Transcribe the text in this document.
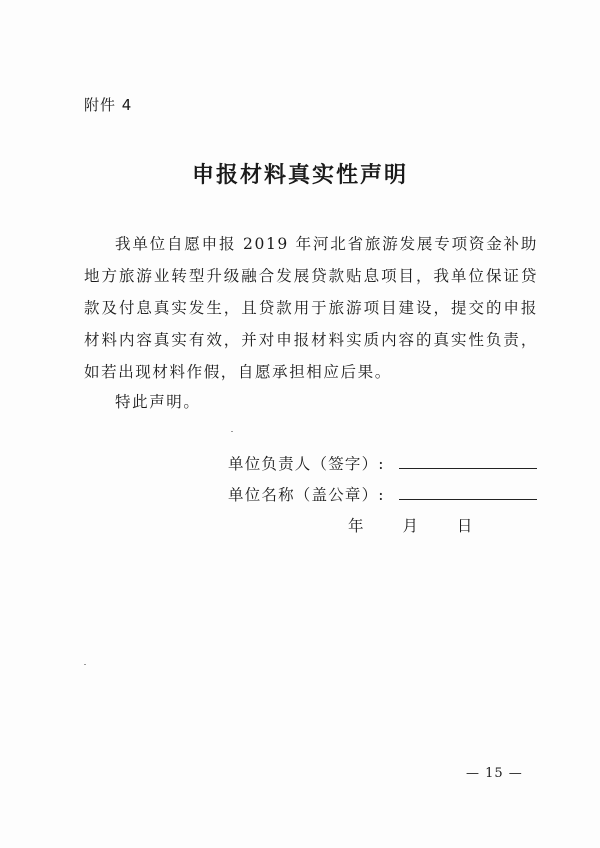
附件 4
申报材料真实性声明
我单位自愿申报 2019 年河北省旅游发展专项资金补助地方旅游业转型升级融合发展贷款贴息项目，我单位保证贷款及付息真实发生，且贷款用于旅游项目建设，提交的申报材料内容真实有效，并对申报材料实质内容的真实性负责，如若出现材料作假，自愿承担相应后果。
特此声明。
单位负责人（签字）:
单位名称（盖公章）:
年	月	日
— 15 —
